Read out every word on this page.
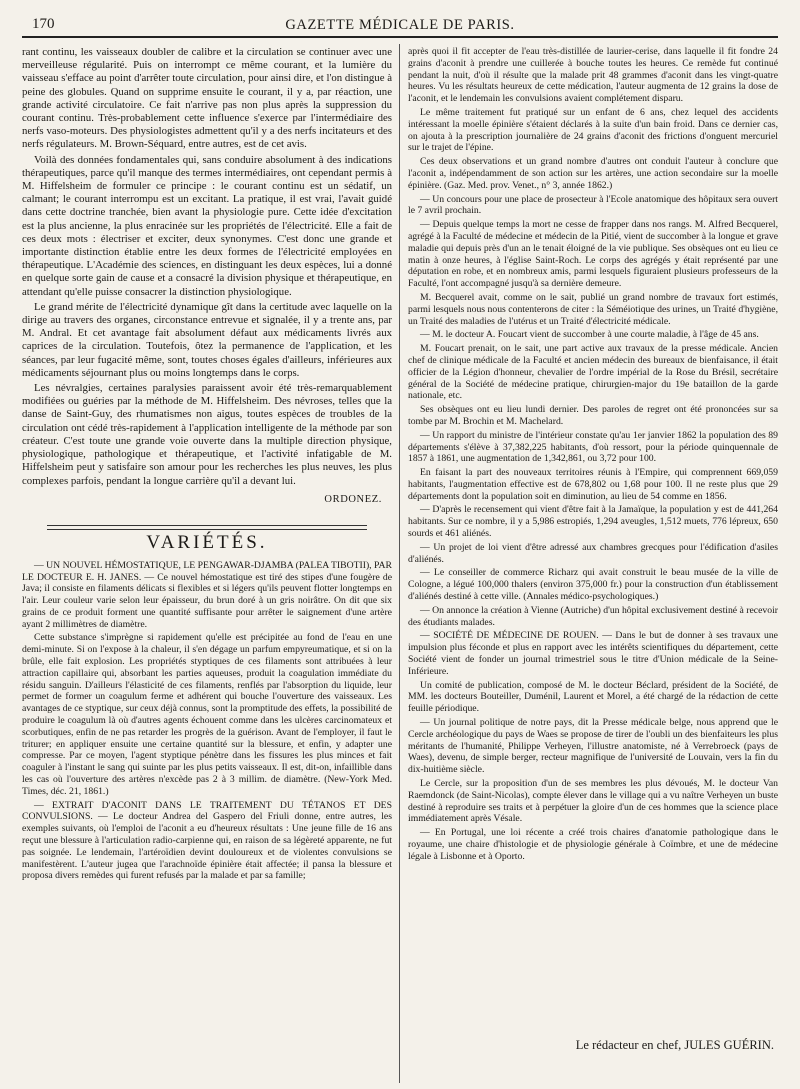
170	GAZETTE MÉDICALE DE PARIS.

rant continu, les vaisseaux doubler de calibre et la circulation se continuer avec une merveilleuse régularité. Puis on interrompt ce même courant, et la lumière du vaisseau s'efface au point d'arrêter toute circulation, pour ainsi dire, et l'on distingue à peine des globules. Quand on supprime ensuite le courant, il y a, par réaction, une grande activité circulatoire. Ce fait n'arrive pas non plus après la suppression du courant continu. Très-probablement cette influence s'exerce par l'intermédiaire des nerfs vaso-moteurs. Des physiologistes admettent qu'il y a des nerfs incitateurs et des nerfs régulateurs. M. Brown-Séquard, entre autres, est de cet avis.

Voilà des données fondamentales qui, sans conduire absolument à des indications thérapeutiques, parce qu'il manque des termes intermédiaires, ont cependant permis à M. Hiffelsheim de formuler ce principe : le courant continu est un sédatif, un calmant; le courant interrompu est un excitant. La pratique, il est vrai, l'avait guidé dans cette doctrine tranchée, bien avant la physiologie pure. Cette idée d'excitation est la plus ancienne, la plus enracinée sur les propriétés de l'électricité. Elle a fait de ces deux mots : électriser et exciter, deux synonymes. C'est donc une grande et importante distinction établie entre les deux formes de l'électricité employées en thérapeutique. L'Académie des sciences, en distinguant les deux espèces, lui a donné en quelque sorte gain de cause et a consacré la division physique et thérapeutique, en attendant qu'elle puisse consacrer la distinction physiologique.

Le grand mérite de l'électricité dynamique gît dans la certitude avec laquelle on la dirige au travers des organes, circonstance entrevue et signalée, il y a trente ans, par M. Andral. Et cet avantage fait absolument défaut aux médicaments livrés aux caprices de la circulation. Toutefois, ôtez la permanence de l'application, et les séances, par leur fugacité même, sont, toutes choses égales d'ailleurs, inférieures aux médicaments séjournant plus ou moins longtemps dans le corps.

Les névralgies, certaines paralysies paraissent avoir été très-remarquablement modifiées ou guéries par la méthode de M. Hiffelsheim. Des névroses, telles que la danse de Saint-Guy, des rhumatismes non aigus, toutes espèces de troubles de la circulation ont cédé très-rapidement à l'application intelligente de la méthode par son créateur. C'est toute une grande voie ouverte dans la multiple direction physique, physiologique, pathologique et thérapeutique, et l'activité infatigable de M. Hiffelsheim peut y satisfaire son amour pour les recherches les plus neuves, les plus complexes parfois, pendant la longue carrière qu'il a devant lui.

ORDONEZ.
VARIÉTÉS.

— UN NOUVEL HÉMOSTATIQUE, LE PENGAWAR-DJAMBA (PALEA TIBOTII), PAR LE DOCTEUR E. H. JANES. — Ce nouvel hémostatique est tiré des stipes d'une fougère de Java; il consiste en filaments délicats si flexibles et si légers qu'ils peuvent flotter longtemps en l'air. Leur couleur varie selon leur épaisseur, du brun doré à un gris noirâtre. On dit que six grains de ce produit forment une quantité suffisante pour arrêter le saignement d'une artère ayant 2 millimètres de diamètre.

Cette substance s'imprègne si rapidement qu'elle est précipitée au fond de l'eau en une demi-minute. Si on l'expose à la chaleur, il s'en dégage un parfum empyreumatique, et si on la brûle, elle fait explosion. Les propriétés styptiques de ces filaments sont attribuées à leur attraction capillaire qui, absorbant les parties aqueuses, produit la coagulation immédiate du résidu sanguin. D'ailleurs l'élasticité de ces filaments, renflés par l'absorption du liquide, leur permet de former un coagulum ferme et adhérent qui bouche l'ouverture des vaisseaux. Les avantages de ce styptique, sur ceux déjà connus, sont la promptitude des effets, la possibilité de produire le coagulum là où d'autres agents échouent comme dans les ulcères carcinomateux et scorbutiques, enfin de ne pas retarder les progrès de la guérison. Avant de l'employer, il faut le triturer; en appliquer ensuite une certaine quantité sur la blessure, et enfin, y adapter une compresse. Par ce moyen, l'agent styptique pénètre dans les fissures les plus minces et fait coaguler à l'instant le sang qui suinte par les plus petits vaisseaux. Il est, dit-on, infaillible dans les cas où l'ouverture des artères n'excède pas 2 à 3 millim. de diamètre. (New-York Med. Times, déc. 21, 1861.)

— EXTRAIT D'ACONIT DANS LE TRAITEMENT DU TÉTANOS ET DES CONVULSIONS. — Le docteur Andrea del Gaspero del Friuli donne, entre autres, les exemples suivants, où l'emploi de l'aconit a eu d'heureux résultats : Une jeune fille de 16 ans reçut une blessure à l'articulation radio-carpienne qui, en raison de sa légèreté apparente, ne fut pas soignée. Le lendemain, l'artéroïdien devint douloureux et de violentes convulsions se manifestèrent. L'auteur jugea que l'arachnoïde épinière était affectée; il pansa la blessure et proposa divers remèdes qui furent refusés par la malade et par sa famille;

après quoi il fit accepter de l'eau très-distillée de laurier-cerise, dans laquelle il fit fondre 24 grains d'aconit à prendre une cuillerée à bouche toutes les heures. Ce remède fut continué pendant la nuit, d'où il résulte que la malade prit 48 grammes d'aconit dans les vingt-quatre heures. Vu les résultats heureux de cette médication, l'auteur augmenta de 12 grains la dose de l'aconit, et le lendemain les convulsions avaient complétement disparu.

Le même traitement fut pratiqué sur un enfant de 6 ans, chez lequel des accidents intéressant la moelle épinière s'étaient déclarés à la suite d'un bain froid. Dans ce dernier cas, on ajouta à la prescription journalière de 24 grains d'aconit des frictions d'onguent mercuriel sur le trajet de l'épine.

Ces deux observations et un grand nombre d'autres ont conduit l'auteur à conclure que l'aconit a, indépendamment de son action sur les artères, une action secondaire sur la moelle épinière. (Gaz. Med. prov. Venet., n° 3, année 1862.)

— Un concours pour une place de prosecteur à l'Ecole anatomique des hôpitaux sera ouvert le 7 avril prochain.

— Depuis quelque temps la mort ne cesse de frapper dans nos rangs. M. Alfred Becquerel, agrégé à la Faculté de médecine et médecin de la Pitié, vient de succomber à la longue et grave maladie qui depuis près d'un an le tenait éloigné de la vie publique. Ses obsèques ont eu lieu ce matin à onze heures, à l'église Saint-Roch. Le corps des agrégés y était représenté par une députation en robe, et en nombreux amis, parmi lesquels figuraient plusieurs professeurs de la Faculté, l'ont accompagné jusqu'à sa dernière demeure.

M. Becquerel avait, comme on le sait, publié un grand nombre de travaux fort estimés, parmi lesquels nous nous contenterons de citer : la Séméiotique des urines, un Traité d'hygiène, un Traité des maladies de l'utérus et un Traité d'électricité médicale.

— M. le docteur A. Foucart vient de succomber à une courte maladie, à l'âge de 45 ans.

M. Foucart prenait, on le sait, une part active aux travaux de la presse médicale. Ancien chef de clinique médicale de la Faculté et ancien médecin des bureaux de bienfaisance, il était officier de la Légion d'honneur, chevalier de l'ordre impérial de la Rose du Brésil, secrétaire général de la Société de médecine pratique, chirurgien-major du 19e bataillon de la garde nationale, etc.

Ses obsèques ont eu lieu lundi dernier. Des paroles de regret ont été prononcées sur sa tombe par M. Brochin et M. Machelard.

— Un rapport du ministre de l'intérieur constate qu'au 1er janvier 1862 la population des 89 départements s'élève à 37,382,225 habitants, d'où ressort, pour la période quinquennale de 1857 à 1861, une augmentation de 1,342,861, ou 3,72 pour 100.

En faisant la part des nouveaux territoires réunis à l'Empire, qui comprennent 669,059 habitants, l'augmentation effective est de 678,802 ou 1,68 pour 100. Il ne reste plus que 29 départements dont la population soit en diminution, au lieu de 54 comme en 1856.

— D'après le recensement qui vient d'être fait à la Jamaïque, la population y est de 441,264 habitants. Sur ce nombre, il y a 5,986 estropiés, 1,294 aveugles, 1,512 muets, 776 lépreux, 650 sourds et 461 aliénés.

— Un projet de loi vient d'être adressé aux chambres grecques pour l'édification d'asiles d'aliénés.

— Le conseiller de commerce Richarz qui avait construit le beau musée de la ville de Cologne, a légué 100,000 thalers (environ 375,000 fr.) pour la construction d'un établissement d'aliénés destiné à cette ville. (Annales médico-psychologiques.)

— On annonce la création à Vienne (Autriche) d'un hôpital exclusivement destiné à recevoir des étudiants malades.

— SOCIÉTÉ DE MÉDECINE DE ROUEN. — Dans le but de donner à ses travaux une impulsion plus féconde et plus en rapport avec les intérêts scientifiques du département, cette Société vient de fonder un journal trimestriel sous le titre d'Union médicale de la Seine-Inférieure.

Un comité de publication, composé de M. le docteur Béclard, président de la Société, de MM. les docteurs Bouteiller, Duménil, Laurent et Morel, a été chargé de la rédaction de cette feuille périodique.

— Un journal politique de notre pays, dit la Presse médicale belge, nous apprend que le Cercle archéologique du pays de Waes se propose de tirer de l'oubli un des bienfaiteurs les plus méritants de l'humanité, Philippe Verheyen, l'illustre anatomiste, né à Verrebroeck (pays de Waes), devenu, de simple berger, recteur magnifique de l'université de Louvain, vers la fin du dix-huitième siècle.

Le Cercle, sur la proposition d'un de ses membres les plus dévoués, M. le docteur Van Raemdonck (de Saint-Nicolas), compte élever dans le village qui a vu naître Verheyen un buste destiné à reproduire ses traits et à perpétuer la gloire d'un de ces hommes que la science place immédiatement après Vésale.

— En Portugal, une loi récente a créé trois chaires d'anatomie pathologique dans le royaume, une chaire d'histologie et de physiologie générale à Coïmbre, et une de médecine légale à Lisbonne et à Oporto.

Le rédacteur en chef, JULES GUÉRIN.
